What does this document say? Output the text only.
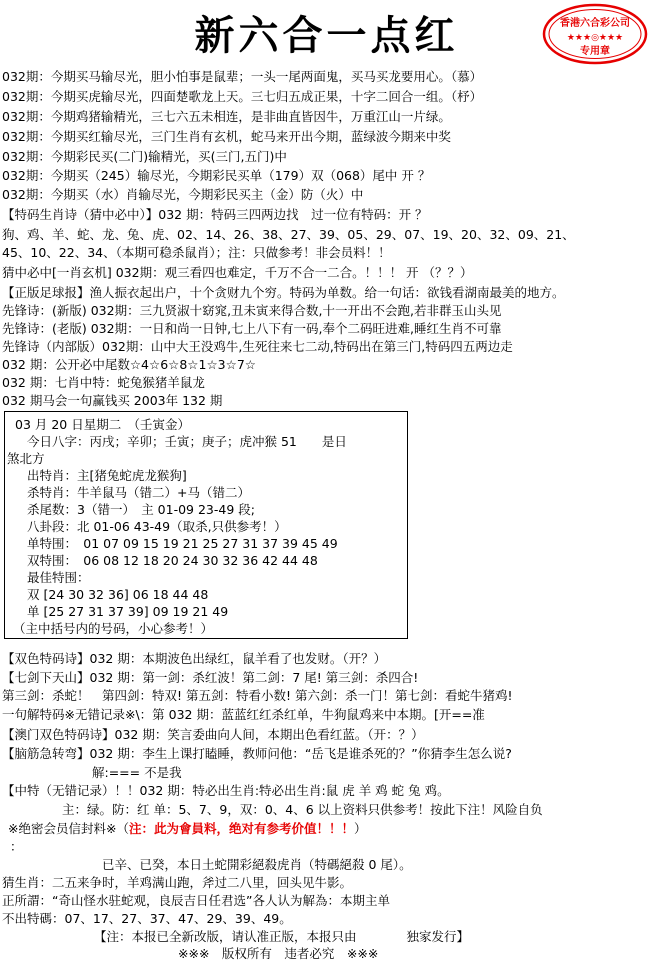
新六合一点红	香港六合彩公司
★★★◎★★★
专用章
032期：今期买马输尽光，胆小怕事是鼠辈；一头一尾两面鬼，买马买龙要用心。（慕）
032期：今期买虎输尽光，四面楚歌龙上天。三七归五成正果，十字二回合一组。（杼）
032期：今期鸡猪输精光，三七六五未相连，是非曲直皆因牛，万重江山一片绿。
032期：今期买红输尽光，三门生肖有玄机，蛇马来开出今期，蓝绿波今期来中奖
032期：今期彩民买(二门)输精光，买(三门,五门)中
032期：今期买（245）输尽光，今期彩民买单（179）双（068）尾中 开 ？
032期：今期买（水）肖输尽光，今期彩民买主（金）防（火）中
【特码生肖诗（猜中必中）】032 期：特码三四两边找　过一位有特码：开 ？
狗、鸡、羊、蛇、龙、兔、虎、02、14、26、38、27、39、05、29、07、19、20、32、09、21、
45、10、22、34、（本期可稳杀鼠肖）；注：只做参考！非会员料！！
猜中必中[一肖玄机] 032期：观三看四也难定，千万不合一二合。！！！ 开 （？？）
【正版足球报】渔人振衣起出户，十个贪财九个穷。特码为单数。给一句话：欲钱看湖南最美的地方。
先锋诗：(新版) 032期：三九贤淑十窈窕,丑未寅来得合数,十一开出不会跑,若非群玉山头见
先锋诗：(老版) 032期：一日和尚一日钟,七上八下有一码,奉个二码旺进难,睡红生肖不可靠
先锋诗（内部版）032期：山中大王没鸡牛,生死往来七二动,特码出在第三门,特码四五两边走
032 期：公开必中尾数☆4☆6☆8☆1☆3☆7☆
032 期：七肖中特：蛇兔猴猪羊鼠龙
032 期马会一句赢钱买 2003年 132 期
03 月 20 日星期二　（壬寅金）
今日八字：丙戌；辛卯；壬寅；庚子；虎冲猴 51　　是日
煞北方
出特肖：主[猪兔蛇虎龙猴狗]
杀特肖：牛羊鼠马（错二）+马（错二）
杀尾数：3（错一）　主 01-09 23-49 段;
八卦段：北 01-06 43-49（取杀,只供参考！）
单特围：　01 07 09 15 19 21 25 27 31 37 39 45 49
双特围：　06 08 12 18 20 24 30 32 36 42 44 48
最佳特围：
双 [24 30 32 36] 06 18 44 48
单 [25 27 31 37 39] 09 19 21 49
（主中括号内的号码，小心参考！）
【双色特码诗】032 期：本期波色出绿红，鼠羊看了也发财。（开？）
【七剑下天山】032 期：第一剑：杀红波！第二剑：7 尾! 第三剑：杀四合!
第三剑：杀蛇！　第四剑：特双! 第五剑：特看小数! 第六剑：杀一门！第七剑：看蛇牛猪鸡!
一句解特码※无错记录※\：第 032 期：蓝蓝红红杀红单，牛狗鼠鸡来中本期。[开==准
【澳门双色特码诗】032 期：笑言委曲向人间，本期出色看红蓝。（开：？）
【脑筋急转弯】032 期：李生上课打瞌睡，教师问他：“岳飞是谁杀死的？”你猜李生怎么说?
解:=== 不是我
【中特（无错记录）！！032 期：特必出生肖:特必出生肖:鼠 虎 羊 鸡 蛇 兔 鸡。
主：绿。防：红 单：5、7、9，双：0、4、6 以上资料只供参考！按此下注！风险自负
※绝密会员信封料※（注：此为會員料，绝对有参考价值！！！）
：
已辛、已癸，本日土蛇開彩絕殺虎肖（特碼絕殺 0 尾）。
猜生肖：二五来争时，羊鸡满山跑，斧过二八里，回头见牛影。
正所謂：“奇山怪水驻蛇观，良辰吉日任君选”各人认为解為：本期主单
不出特碼：07、17、27、37、47、29、39、49。
【注：本报已全新改版，请认准正版，本报只由　　　　独家发行】
※※※　版权所有　违者必究　※※※
